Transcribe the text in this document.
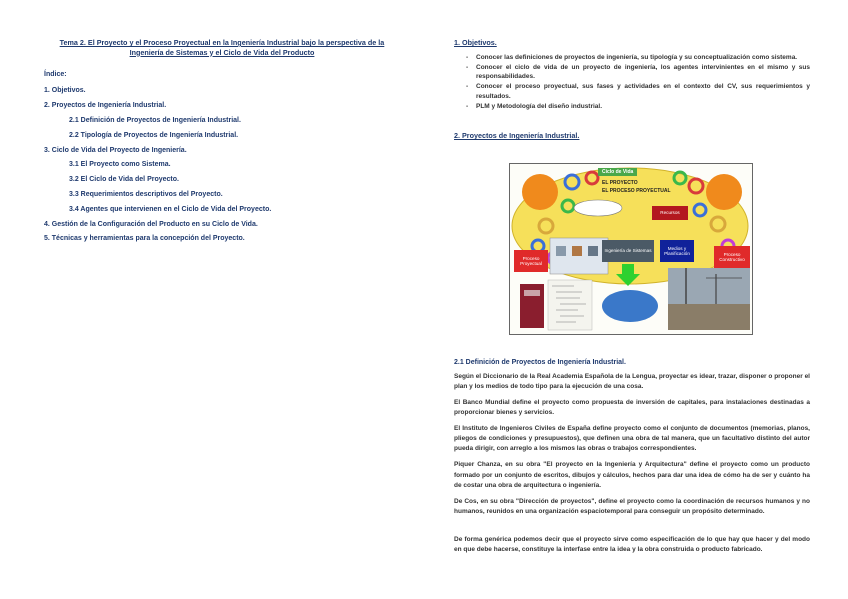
Tema 2. El Proyecto y el Proceso Proyectual en la Ingeniería Industrial bajo la perspectiva de la Ingeniería de Sistemas y el Ciclo de Vida del Producto
Índice:
1. Objetivos.
2. Proyectos de Ingeniería Industrial.
2.1 Definición de Proyectos de Ingeniería Industrial.
2.2 Tipología de Proyectos de Ingeniería Industrial.
3. Ciclo de Vida del Proyecto de Ingeniería.
3.1 El Proyecto como Sistema.
3.2 El Ciclo de Vida del Proyecto.
3.3 Requerimientos descriptivos del Proyecto.
3.4 Agentes que intervienen en el Ciclo de Vida del Proyecto.
4. Gestión de la Configuración del Producto en su Ciclo de Vida.
5. Técnicas y herramientas para la concepción del Proyecto.
1. Objetivos.
- Conocer las definiciones de proyectos de ingeniería, su tipología y su conceptualización como sistema.
- Conocer el ciclo de vida de un proyecto de ingeniería, los agentes intervinientes en el mismo y sus responsabilidades.
- Conocer el proceso proyectual, sus fases y actividades en el contexto del CV, sus requerimientos y resultados.
- PLM y Metodología del diseño industrial.
2. Proyectos de Ingeniería Industrial.
Ciclo de Vida
EL PROYECTO
EL PROCESO PROYECTUAL
Proceso Proyectual
Proceso Constructivo
Recursos
Medios y Planificación
Ingeniería de Sistemas
2.1 Definición de Proyectos de Ingeniería Industrial.

Según el Diccionario de la Real Academia Española de la Lengua, proyectar es idear, trazar, disponer o proponer el plan y los medios de todo tipo para la ejecución de una cosa.

El Banco Mundial define el proyecto como propuesta de inversión de capitales, para instalaciones destinadas a proporcionar bienes y servicios.

El Instituto de Ingenieros Civiles de España define proyecto como el conjunto de documentos (memorias, planos, pliegos de condiciones y presupuestos), que definen una obra de tal manera, que un facultativo distinto del autor pueda dirigir, con arreglo a los mismos las obras o trabajos correspondientes.

Piquer Chanza, en su obra "El proyecto en la Ingeniería y Arquitectura" define el proyecto como un producto formado por un conjunto de escritos, dibujos y cálculos, hechos para dar una idea de cómo ha de ser y cuánto ha de costar una obra de arquitectura o ingeniería.

De Cos, en su obra "Dirección de proyectos", define el proyecto como la coordinación de recursos humanos y no humanos, reunidos en una organización espaciotemporal para conseguir un propósito determinado.

De forma genérica podemos decir que el proyecto sirve como especificación de lo que hay que hacer y del modo en que debe hacerse, constituye la interfase entre la idea y la obra construida o producto fabricado.
